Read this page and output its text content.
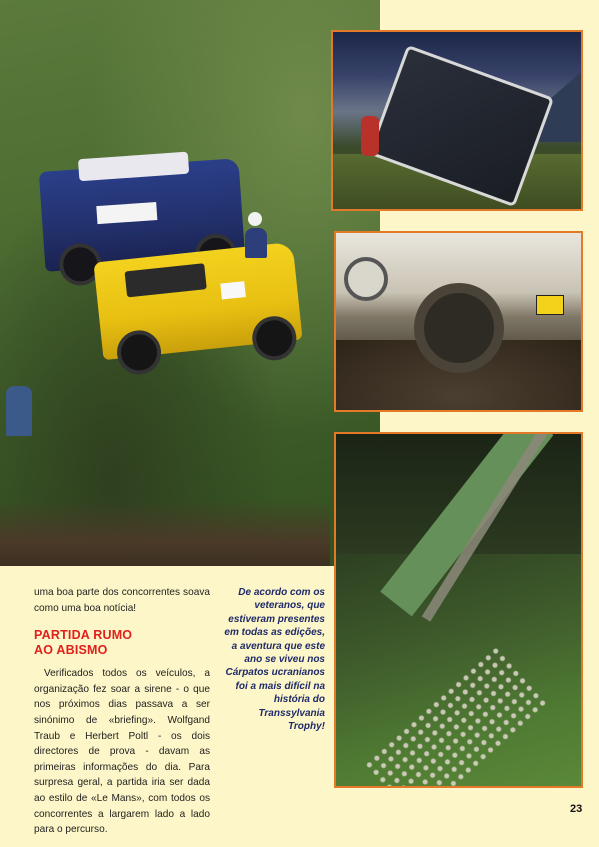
uma boa parte dos concorrentes soava como uma boa notícia!

PARTIDA RUMO
AO ABISMO

Verificados todos os veículos, a organização fez soar a sirene - o que nos próximos dias passava a ser sinónimo de «briefing». Wolfgand Traub e Herbert Poltl - os dois directores de prova - davam as primeiras informações do dia. Para surpresa geral, a partida iria ser dada ao estilo de «Le Mans», com todos os concorrentes a largarem lado a lado para o percurso.

De acordo com os veteranos, que estiveram presentes em todas as edições, a aventura que este ano se viveu nos Cárpatos ucranianos foi a mais difícil na história do Transsylvania Trophy!
23
